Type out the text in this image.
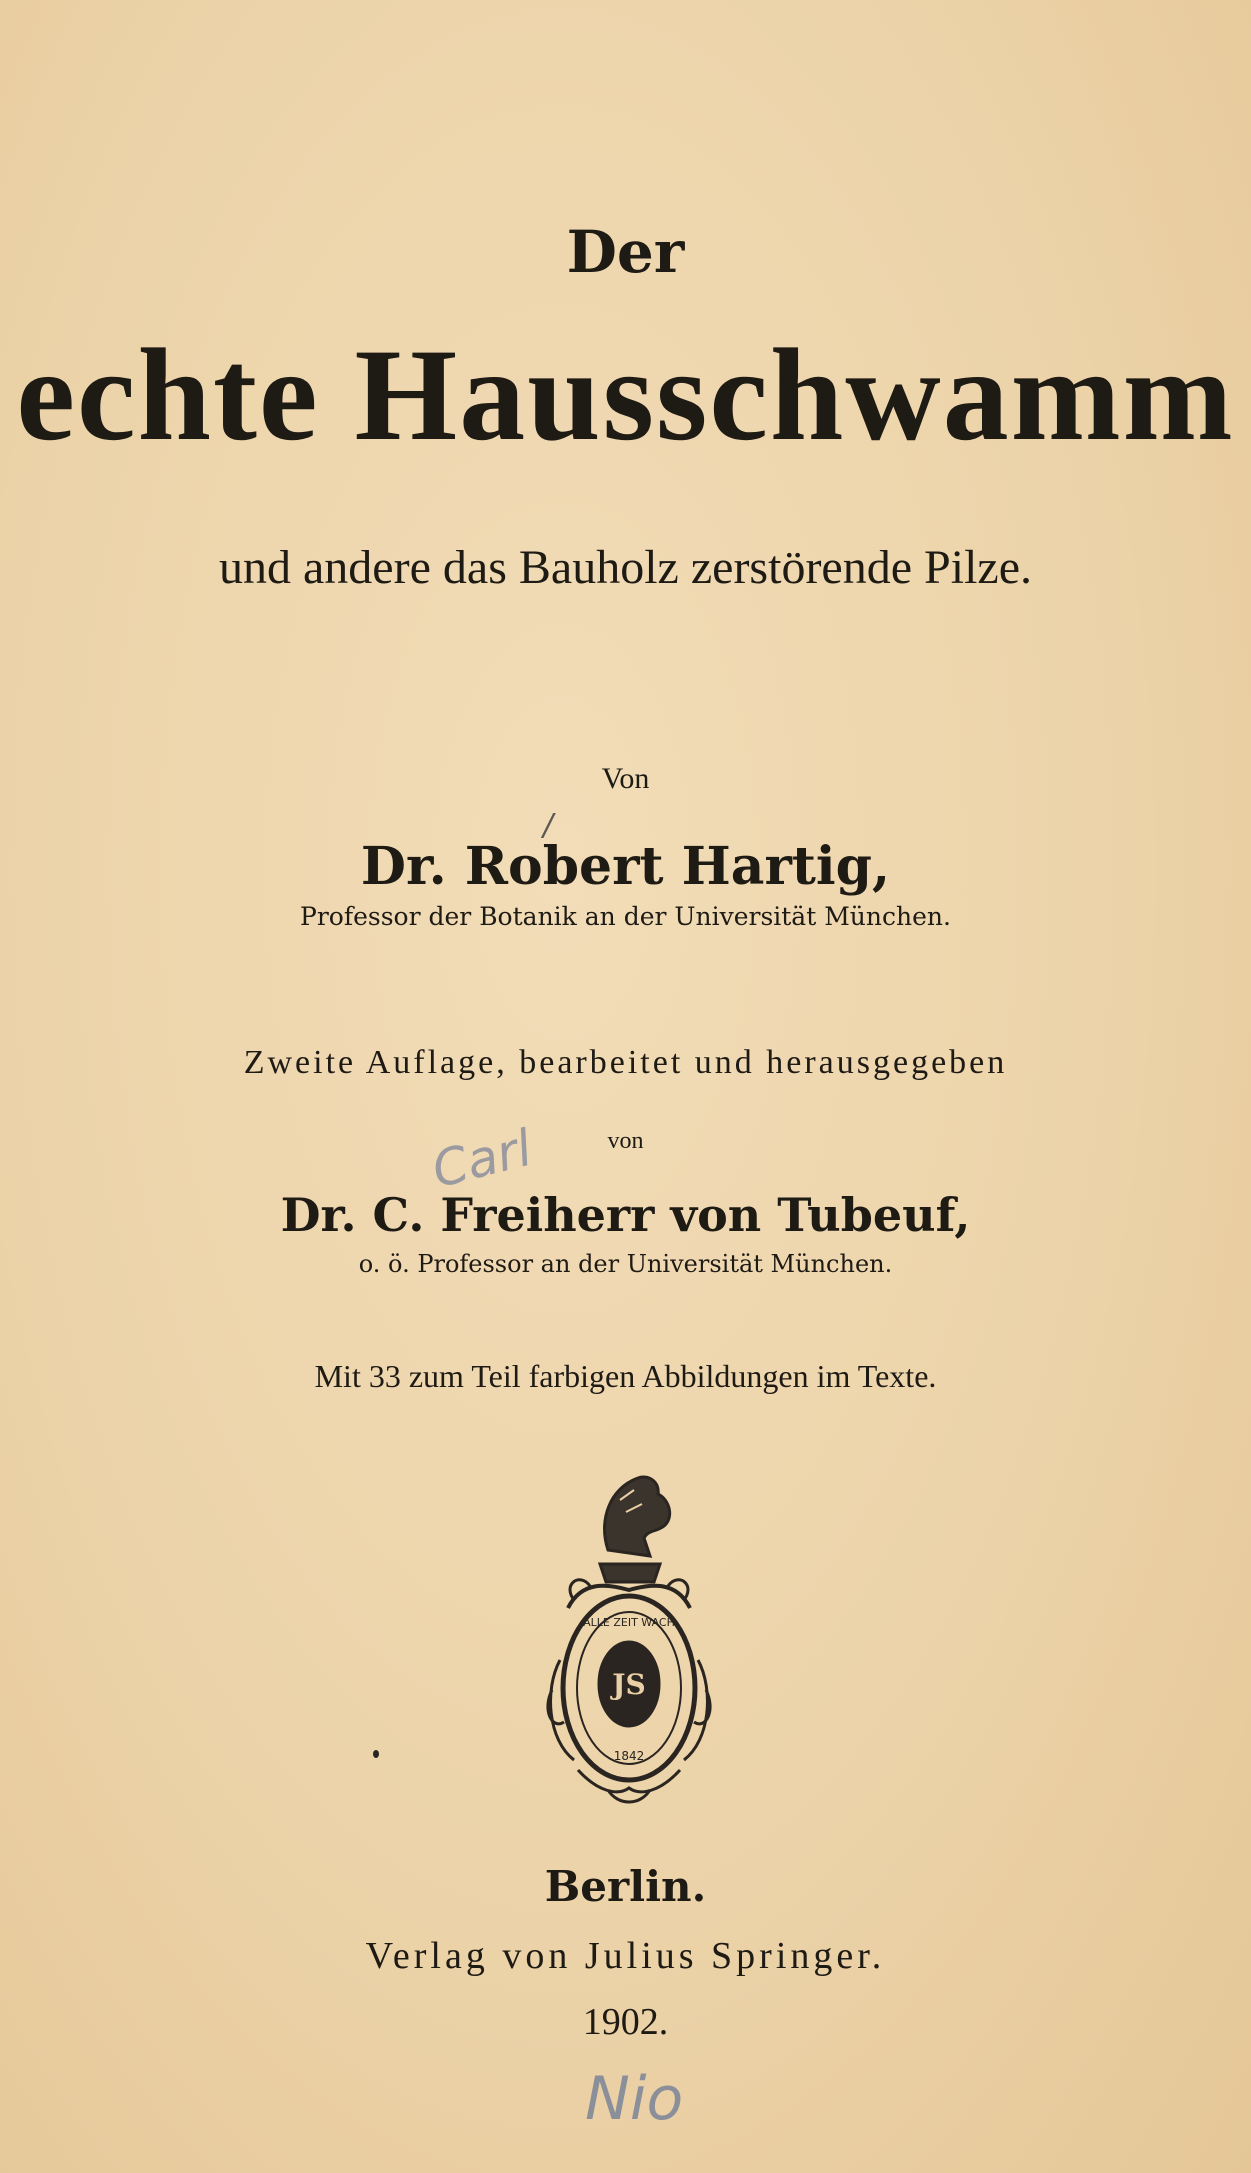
Der
echte Hausschwamm
und andere das Bauholz zerstörende Pilze.
Von
/
Dr. Robert Hartig,
Professor der Botanik an der Universität München.
Zweite Auflage, bearbeitet und herausgegeben
von
Carl
Dr. C. Freiherr von Tubeuf,
o. ö. Professor an der Universität München.
Mit 33 zum Teil farbigen Abbildungen im Texte.
JS
ALLE ZEIT WACH
1842
Berlin.
Verlag von Julius Springer.
1902.
Nio
